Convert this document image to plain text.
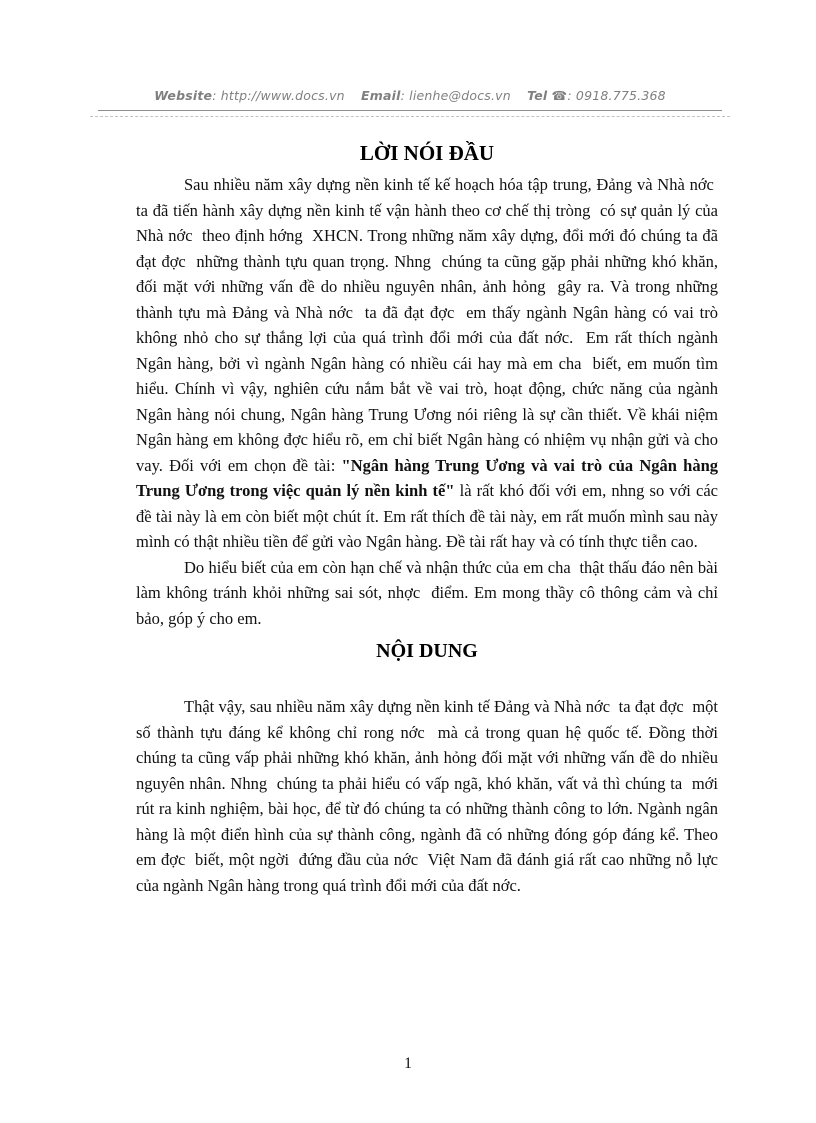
Website: http://www.docs.vn Email: lienhe@docs.vn Tel ☎: 0918.775.368
LỜI NÓI ĐẦU

Sau nhiều năm xây dựng nền kinh tế kế hoạch hóa tập trung, Đảng và Nhà nớc  ta đã tiến hành xây dựng nền kinh tế vận hành theo cơ chế thị tròng  có sự quản lý của Nhà nớc  theo định hớng  XHCN. Trong những năm xây dựng, đổi mới đó chúng ta đã đạt đợc  những thành tựu quan trọng. Nhng  chúng ta cũng gặp phải những khó khăn, đối mặt với những vấn đề do nhiều nguyên nhân, ảnh hỏng  gây ra. Và trong những thành tựu mà Đảng và Nhà nớc  ta đã đạt đợc  em thấy ngành Ngân hàng có vai trò không nhỏ cho sự thắng lợi của quá trình đổi mới của đất nớc.  Em rất thích ngành Ngân hàng, bởi vì ngành Ngân hàng có nhiều cái hay mà em cha  biết, em muốn tìm hiểu. Chính vì vậy, nghiên cứu nắm bắt về vai trò, hoạt động, chức năng của ngành Ngân hàng nói chung, Ngân hàng Trung Ương nói riêng là sự cần thiết. Về khái niệm Ngân hàng em không đợc hiểu rõ, em chỉ biết Ngân hàng có nhiệm vụ nhận gửi và cho vay. Đối với em chọn đề tài: "Ngân hàng Trung Ương và vai trò của Ngân hàng Trung Ương trong việc quản lý nền kinh tế" là rất khó đối với em, nhng so với các đề tài này là em còn biết một chút ít. Em rất thích đề tài này, em rất muốn mình sau này mình có thật nhiều tiền để gửi vào Ngân hàng. Đề tài rất hay và có tính thực tiễn cao.

Do hiểu biết của em còn hạn chế và nhận thức của em cha  thật thấu đáo nên bài làm không tránh khỏi những sai sót, nhợc  điểm. Em mong thầy cô thông cảm và chỉ bảo, góp ý cho em.

NỘI DUNG

Thật vậy, sau nhiều năm xây dựng nền kinh tế Đảng và Nhà nớc  ta đạt đợc  một số thành tựu đáng kể không chỉ rong nớc  mà cả trong quan hệ quốc tế. Đồng thời chúng ta cũng vấp phải những khó khăn, ảnh hỏng đối mặt với những vấn đề do nhiều nguyên nhân. Nhng  chúng ta phải hiểu có vấp ngã, khó khăn, vất vả thì chúng ta  mới rút ra kinh nghiệm, bài học, để từ đó chúng ta có những thành công to lớn. Ngành ngân hàng là một điển hình của sự thành công, ngành đã có những đóng góp đáng kể. Theo em đợc  biết, một ngời  đứng đầu của nớc  Việt Nam đã đánh giá rất cao những nỗ lực của ngành Ngân hàng trong quá trình đổi mới của đất nớc.

1
